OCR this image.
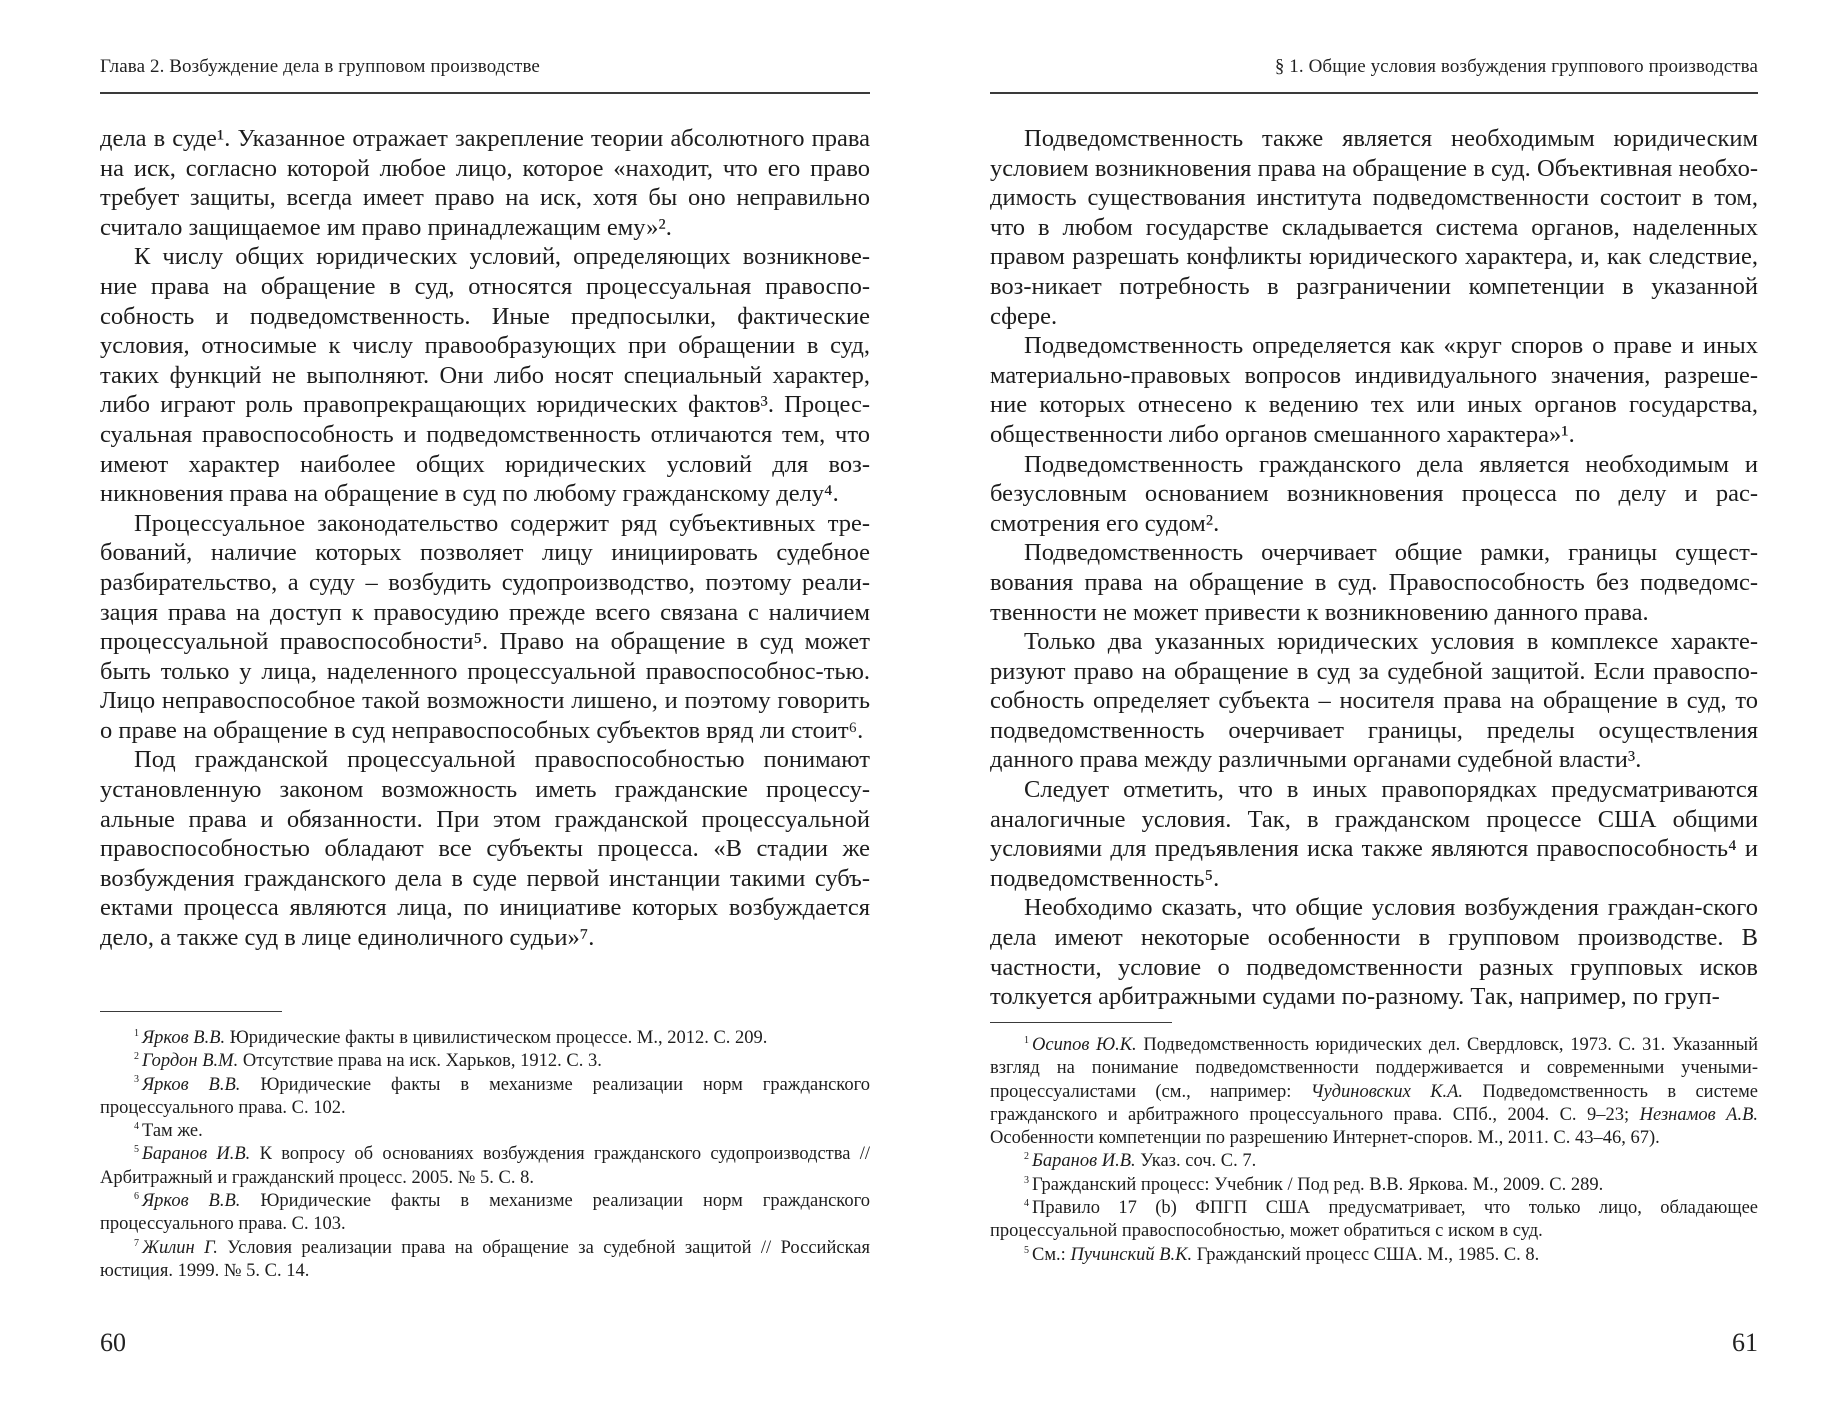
Глава 2. Возбуждение дела в групповом производстве

дела в суде¹. Указанное отражает закрепление теории абсолютного права на иск, согласно которой любое лицо, которое «находит, что его право требует защиты, всегда имеет право на иск, хотя бы оно неправильно считало защищаемое им право принадлежащим ему»².

К числу общих юридических условий, определяющих возникнове-ние права на обращение в суд, относятся процессуальная правоспо-собность и подведомственность. Иные предпосылки, фактические условия, относимые к числу правообразующих при обращении в суд, таких функций не выполняют. Они либо носят специальный характер, либо играют роль правопрекращающих юридических фактов³. Процес-суальная правоспособность и подведомственность отличаются тем, что имеют характер наиболее общих юридических условий для воз-никновения права на обращение в суд по любому гражданскому делу⁴.

Процессуальное законодательство содержит ряд субъективных тре-бований, наличие которых позволяет лицу инициировать судебное разбирательство, а суду – возбудить судопроизводство, поэтому реали-зация права на доступ к правосудию прежде всего связана с наличием процессуальной правоспособности⁵. Право на обращение в суд может быть только у лица, наделенного процессуальной правоспособнос-тью. Лицо неправоспособное такой возможности лишено, и поэтому говорить о праве на обращение в суд неправоспособных субъектов вряд ли стоит⁶.

Под гражданской процессуальной правоспособностью понимают установленную законом возможность иметь гражданские процессу-альные права и обязанности. При этом гражданской процессуальной правоспособностью обладают все субъекты процесса. «В стадии же возбуждения гражданского дела в суде первой инстанции такими субъ-ектами процесса являются лица, по инициативе которых возбуждается дело, а также суд в лице единоличного судьи»⁷.

$^1$ Ярков В.В. Юридические факты в цивилистическом процессе. М., 2012. С. 209.

$^2$ Гордон В.М. Отсутствие права на иск. Харьков, 1912. С. 3.

$^3$ Ярков В.В. Юридические факты в механизме реализации норм гражданского процессуального права. С. 102.

$^4$ Там же.

$^5$ Баранов И.В. К вопросу об основаниях возбуждения гражданского судопроизводства // Арбитражный и гражданский процесс. 2005. № 5. С. 8.

$^6$ Ярков В.В. Юридические факты в механизме реализации норм гражданского процессуального права. С. 103.

$^7$ Жилин Г. Условия реализации права на обращение за судебной защитой // Российская юстиция. 1999. № 5. С. 14.

60
§ 1. Общие условия возбуждения группового производства

Подведомственность также является необходимым юридическим условием возникновения права на обращение в суд. Объективная необхо-димость существования института подведомственности состоит в том, что в любом государстве складывается система органов, наделенных правом разрешать конфликты юридического характера, и, как следствие, воз-никает потребность в разграничении компетенции в указанной сфере.

Подведомственность определяется как «круг споров о праве и иных материально-правовых вопросов индивидуального значения, разреше-ние которых отнесено к ведению тех или иных органов государства, общественности либо органов смешанного характера»¹.

Подведомственность гражданского дела является необходимым и безусловным основанием возникновения процесса по делу и рас-смотрения его судом².

Подведомственность очерчивает общие рамки, границы сущест-вования права на обращение в суд. Правоспособность без подведомс-твенности не может привести к возникновению данного права.

Только два указанных юридических условия в комплексе характе-ризуют право на обращение в суд за судебной защитой. Если правоспо-собность определяет субъекта – носителя права на обращение в суд, то подведомственность очерчивает границы, пределы осуществления данного права между различными органами судебной власти³.

Следует отметить, что в иных правопорядках предусматриваются аналогичные условия. Так, в гражданском процессе США общими условиями для предъявления иска также являются правоспособность⁴ и подведомственность⁵.

Необходимо сказать, что общие условия возбуждения граждан-ского дела имеют некоторые особенности в групповом производстве. В частности, условие о подведомственности разных групповых исков толкуется арбитражными судами по-разному. Так, например, по груп-

$^1$ Осипов Ю.К. Подведомственность юридических дел. Свердловск, 1973. С. 31. Указанный взгляд на понимание подведомственности поддерживается и современными учеными-процессуалистами (см., например: Чудиновских К.А. Подведомственность в системе гражданского и арбитражного процессуального права. СПб., 2004. С. 9–23; Незнамов А.В. Особенности компетенции по разрешению Интернет-споров. М., 2011. С. 43–46, 67).

$^2$ Баранов И.В. Указ. соч. С. 7.

$^3$ Гражданский процесс: Учебник / Под ред. В.В. Яркова. М., 2009. С. 289.

$^4$ Правило 17 (b) ФПГП США предусматривает, что только лицо, обладающее процессуальной правоспособностью, может обратиться с иском в суд.

$^5$ См.: Пучинский В.К. Гражданский процесс США. М., 1985. С. 8.

61
